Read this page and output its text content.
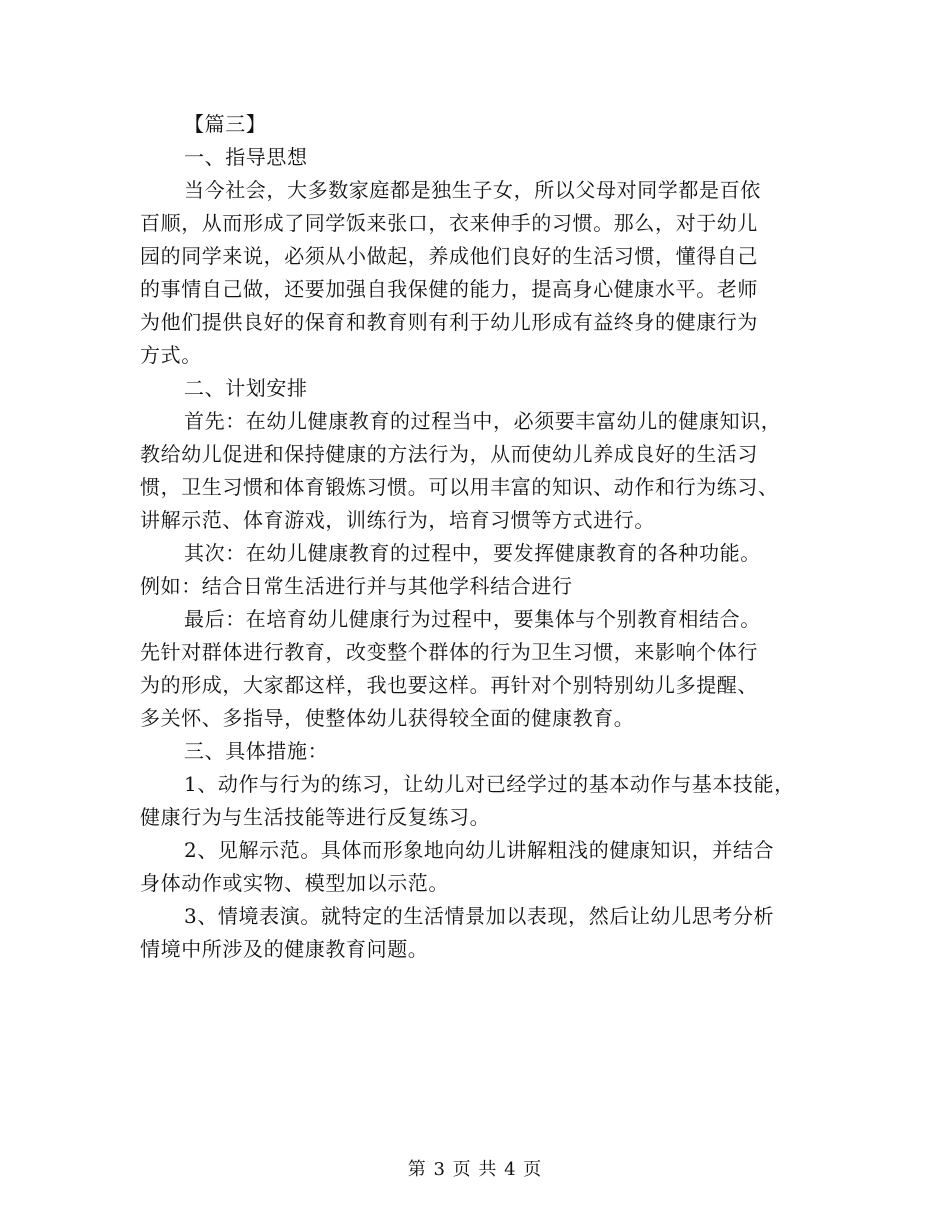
【篇三】
一、指导思想
当今社会，大多数家庭都是独生子女，所以父母对同学都是百依
百顺，从而形成了同学饭来张口，衣来伸手的习惯。那么，对于幼儿
园的同学来说，必须从小做起，养成他们良好的生活习惯，懂得自己
的事情自己做，还要加强自我保健的能力，提高身心健康水平。老师
为他们提供良好的保育和教育则有利于幼儿形成有益终身的健康行为
方式。
二、计划安排
首先：在幼儿健康教育的过程当中，必须要丰富幼儿的健康知识，
教给幼儿促进和保持健康的方法行为，从而使幼儿养成良好的生活习
惯，卫生习惯和体育锻炼习惯。可以用丰富的知识、动作和行为练习、
讲解示范、体育游戏，训练行为，培育习惯等方式进行。
其次：在幼儿健康教育的过程中，要发挥健康教育的各种功能。
例如：结合日常生活进行并与其他学科结合进行
最后：在培育幼儿健康行为过程中，要集体与个别教育相结合。
先针对群体进行教育，改变整个群体的行为卫生习惯，来影响个体行
为的形成，大家都这样，我也要这样。再针对个别特别幼儿多提醒、
多关怀、多指导，使整体幼儿获得较全面的健康教育。
三、具体措施：
1、动作与行为的练习，让幼儿对已经学过的基本动作与基本技能，
健康行为与生活技能等进行反复练习。
2、见解示范。具体而形象地向幼儿讲解粗浅的健康知识，并结合
身体动作或实物、模型加以示范。
3、情境表演。就特定的生活情景加以表现，然后让幼儿思考分析
情境中所涉及的健康教育问题。
第 3 页 共 4 页
